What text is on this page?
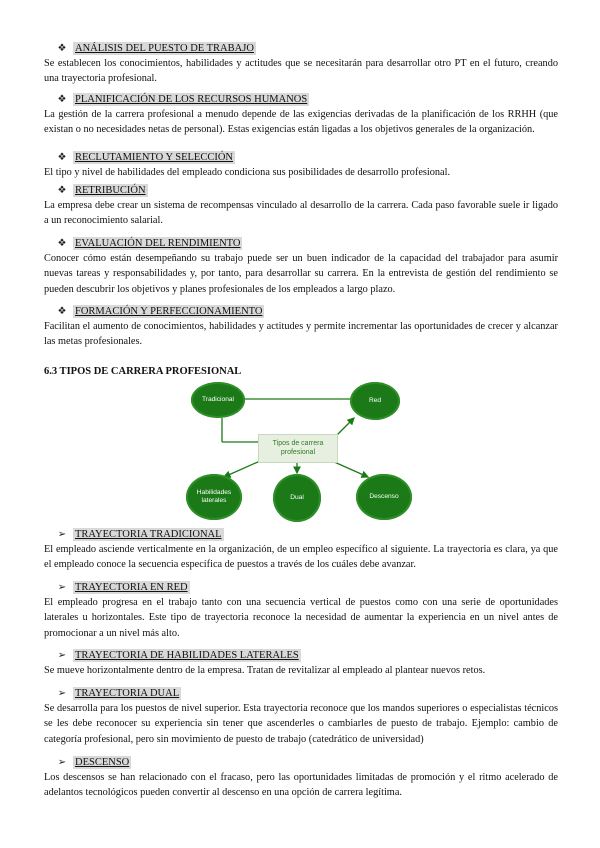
❖ ANÁLISIS DEL PUESTO DE TRABAJO

Se establecen los conocimientos, habilidades y actitudes que se necesitarán para desarrollar otro PT en el futuro, creando una trayectoria profesional.

❖ PLANIFICACIÓN DE LOS RECURSOS HUMANOS

La gestión de la carrera profesional a menudo depende de las exigencias derivadas de la planificación de los RRHH (que existan o no necesidades netas de personal). Estas exigencias están ligadas a los objetivos generales de la organización.

❖ RECLUTAMIENTO Y SELECCIÓN

El tipo y nivel de habilidades del empleado condiciona sus posibilidades de desarrollo profesional.

❖ RETRIBUCIÓN

La empresa debe crear un sistema de recompensas vinculado al desarrollo de la carrera. Cada paso favorable suele ir ligado a un reconocimiento salarial.

❖ EVALUACIÓN DEL RENDIMIENTO

Conocer cómo están desempeñando su trabajo puede ser un buen indicador de la capacidad del trabajador para asumir nuevas tareas y responsabilidades y, por tanto, para desarrollar su carrera. En la entrevista de gestión del rendimiento se pueden descubrir los objetivos y planes profesionales de los empleados a largo plazo.

❖ FORMACIÓN Y PERFECCIONAMIENTO

Facilitan el aumento de conocimientos, habilidades y actitudes y permite incrementar las oportunidades de crecer y alcanzar las metas profesionales.

6.3 TIPOS DE CARRERA PROFESIONAL
Tradicional	Red
Tipos de carrera profesional
Habilidades laterales	Dual	Descenso
➢ TRAYECTORIA TRADICIONAL

El empleado asciende verticalmente en la organización, de un empleo específico al siguiente. La trayectoria es clara, ya que el empleado conoce la secuencia específica de puestos a través de los cuáles debe avanzar.

➢ TRAYECTORIA EN RED

El empleado progresa en el trabajo tanto con una secuencia vertical de puestos como con una serie de oportunidades laterales u horizontales. Este tipo de trayectoria reconoce la necesidad de aumentar la experiencia en un nivel antes de promocionar a un nivel más alto.

➢ TRAYECTORIA DE HABILIDADES LATERALES

Se mueve horizontalmente dentro de la empresa. Tratan de revitalizar al empleado al plantear nuevos retos.

➢ TRAYECTORIA DUAL

Se desarrolla para los puestos de nivel superior. Esta trayectoria reconoce que los mandos superiores o especialistas técnicos se les debe reconocer su experiencia sin tener que ascenderles o cambiarles de puesto de trabajo. Ejemplo: cambio de categoría profesional, pero sin movimiento de puesto de trabajo (catedrático de universidad)

➢ DESCENSO

Los descensos se han relacionado con el fracaso, pero las oportunidades limitadas de promoción y el ritmo acelerado de adelantos tecnológicos pueden convertir al descenso en una opción de carrera legítima.
